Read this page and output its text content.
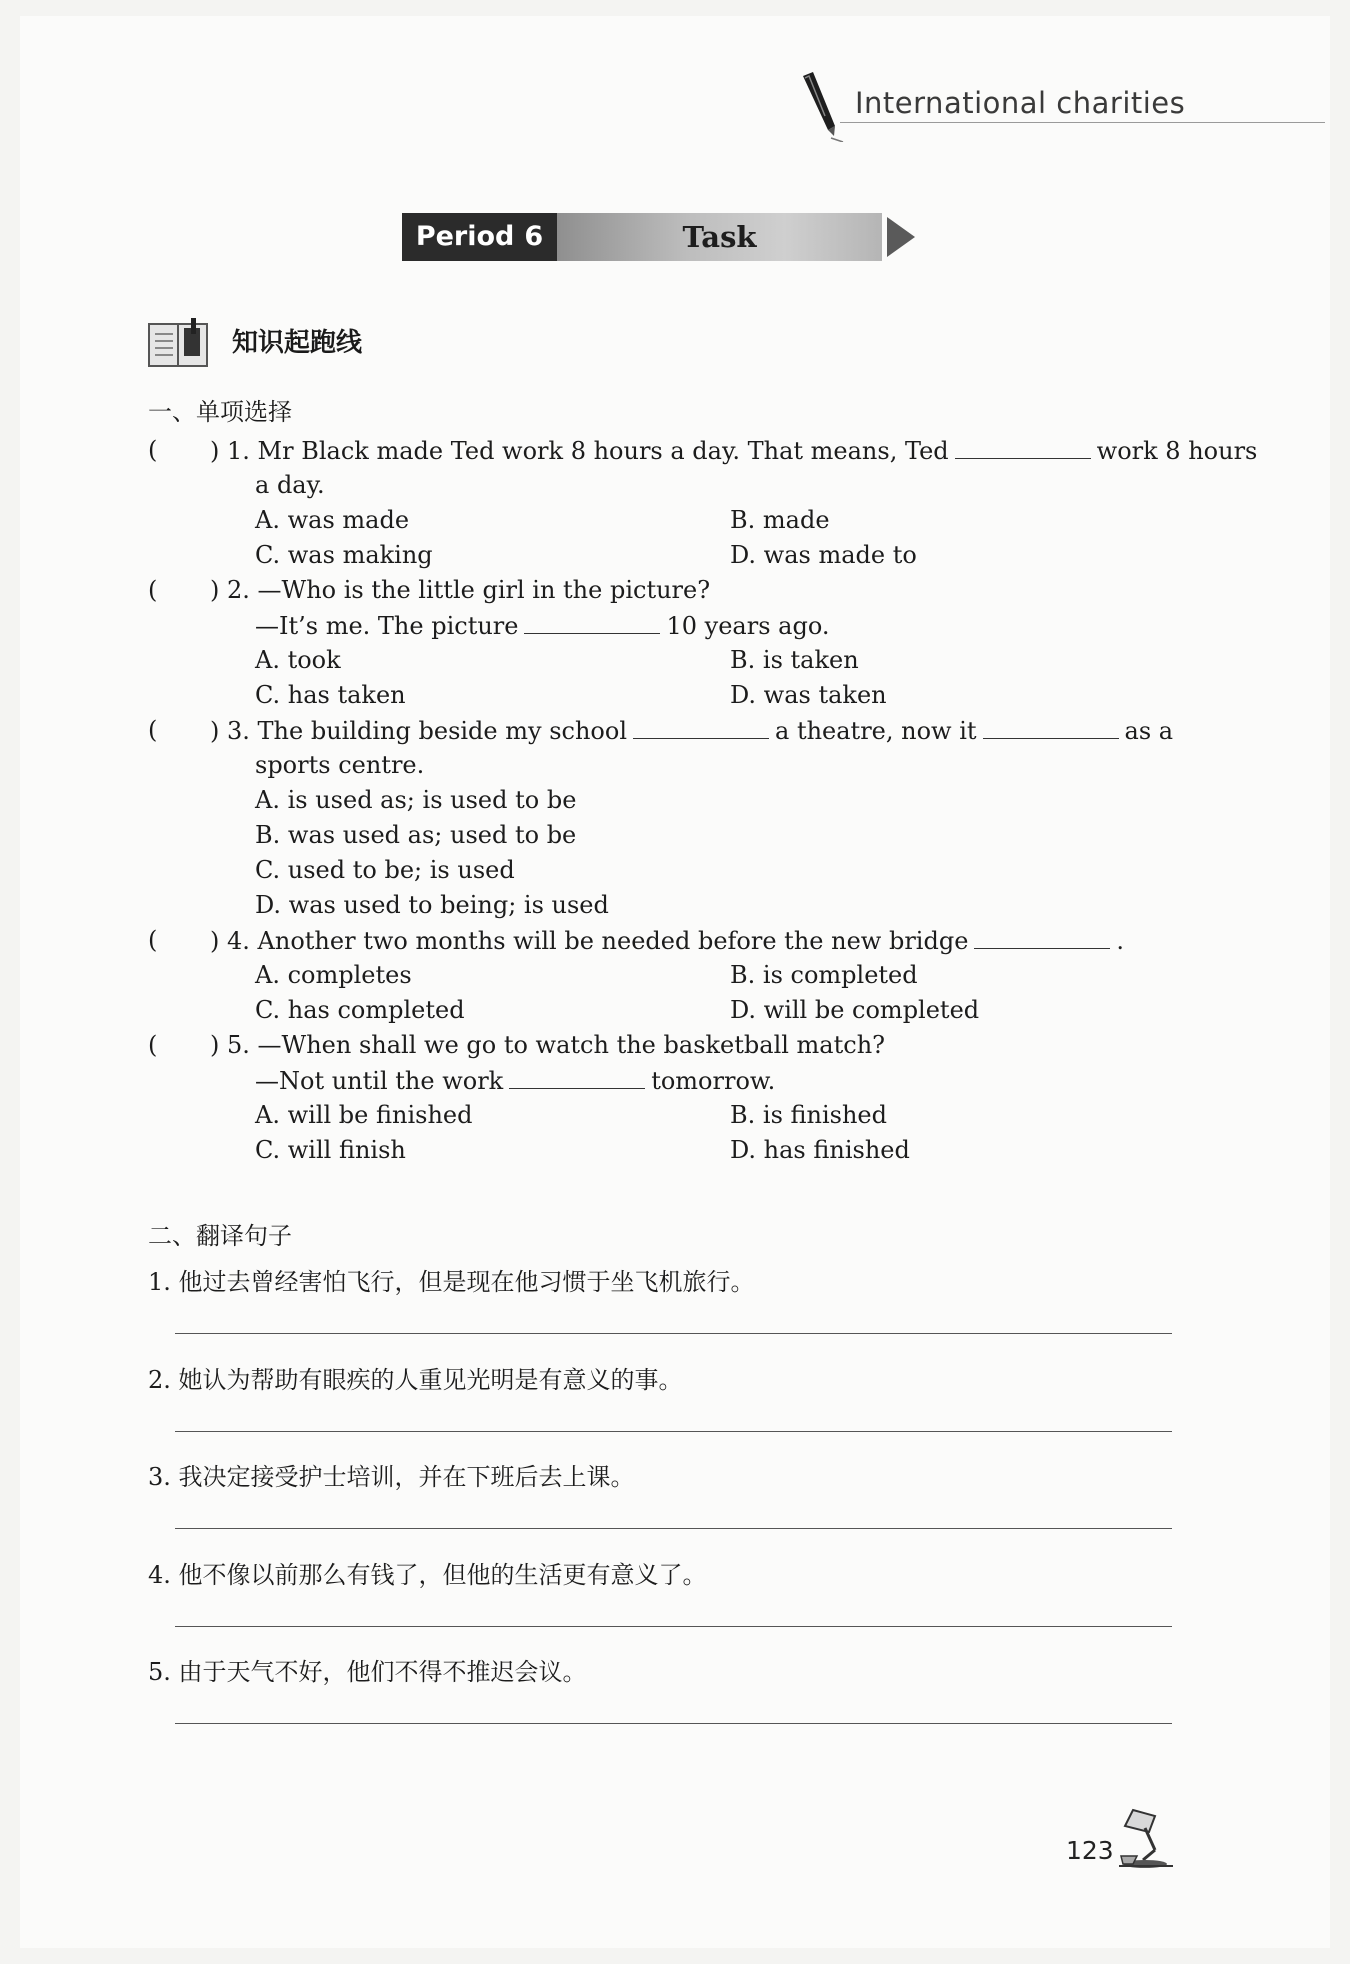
International charities
Period 6	Task
知识起跑线
一、单项选择
( ) 1. Mr Black made Ted work 8 hours a day. That means, Ted	work 8 hours
a day.
A. was made	B. made
C. was making	D. was made to
( ) 2. —Who is the little girl in the picture?
—It’s me. The picture	10 years ago.
A. took	B. is taken
C. has taken	D. was taken
( ) 3. The building beside my school	a theatre, now it	as a
sports centre.
A. is used as; is used to be
B. was used as; used to be
C. used to be; is used
D. was used to being; is used
( ) 4. Another two months will be needed before the new bridge	.
A. completes	B. is completed
C. has completed	D. will be completed
( ) 5. —When shall we go to watch the basketball match?
—Not until the work	tomorrow.
A. will be finished	B. is finished
C. will finish	D. has finished
二、翻译句子
1. 他过去曾经害怕飞行，但是现在他习惯于坐飞机旅行。
2. 她认为帮助有眼疾的人重见光明是有意义的事。
3. 我决定接受护士培训，并在下班后去上课。
4. 他不像以前那么有钱了，但他的生活更有意义了。
5. 由于天气不好，他们不得不推迟会议。
123
